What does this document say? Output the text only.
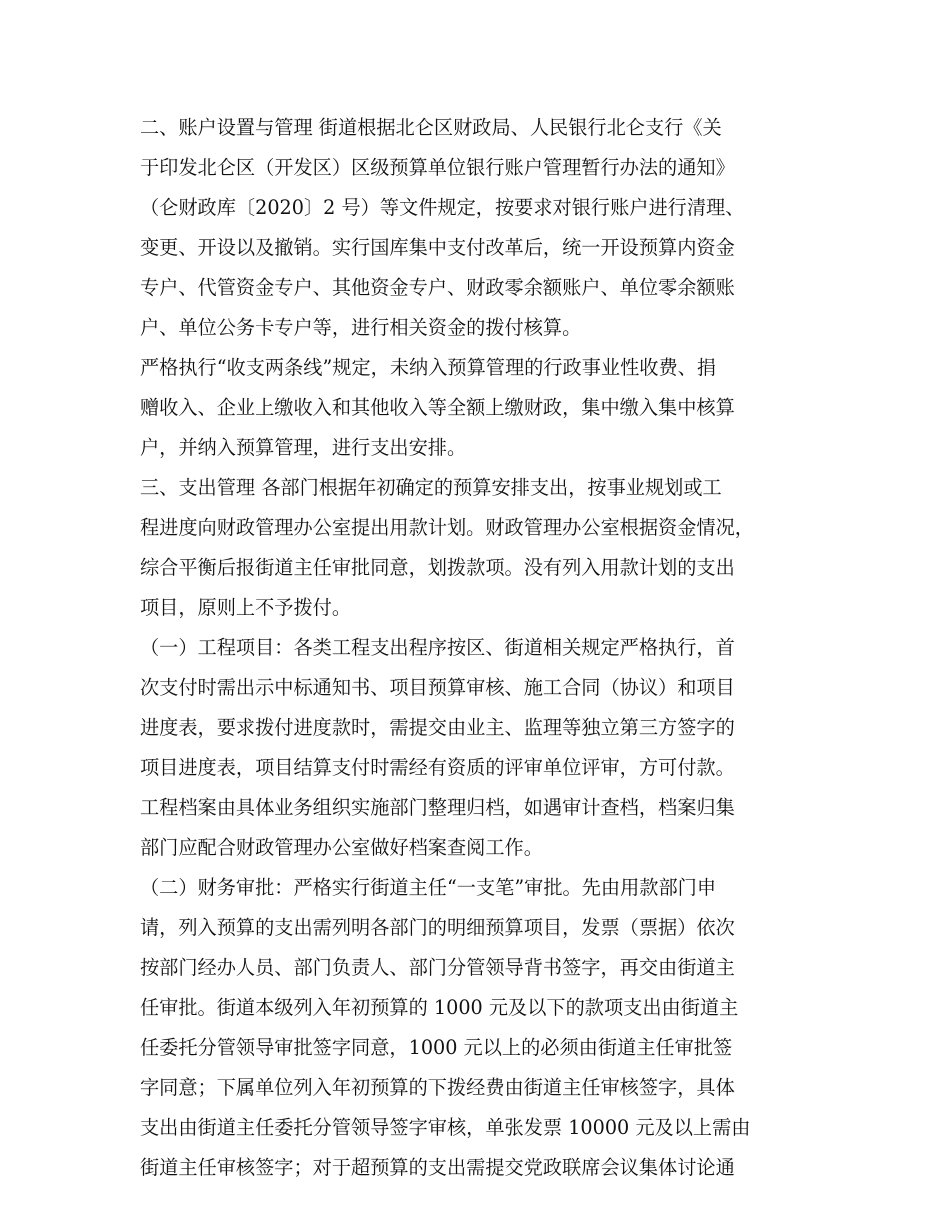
二、账户设置与管理 街道根据北仑区财政局、人民银行北仑支行《关
于印发北仑区（开发区）区级预算单位银行账户管理暂行办法的通知》
（仑财政库〔2020〕2 号）等文件规定，按要求对银行账户进行清理、
变更、开设以及撤销。实行国库集中支付改革后，统一开设预算内资金
专户、代管资金专户、其他资金专户、财政零余额账户、单位零余额账
户、单位公务卡专户等，进行相关资金的拨付核算。
严格执行“收支两条线”规定，未纳入预算管理的行政事业性收费、捐
赠收入、企业上缴收入和其他收入等全额上缴财政，集中缴入集中核算
户，并纳入预算管理，进行支出安排。
三、支出管理 各部门根据年初确定的预算安排支出，按事业规划或工
程进度向财政管理办公室提出用款计划。财政管理办公室根据资金情况，
综合平衡后报街道主任审批同意，划拨款项。没有列入用款计划的支出
项目，原则上不予拨付。
（一）工程项目：各类工程支出程序按区、街道相关规定严格执行，首
次支付时需出示中标通知书、项目预算审核、施工合同（协议）和项目
进度表，要求拨付进度款时，需提交由业主、监理等独立第三方签字的
项目进度表，项目结算支付时需经有资质的评审单位评审，方可付款。
工程档案由具体业务组织实施部门整理归档，如遇审计查档，档案归集
部门应配合财政管理办公室做好档案查阅工作。
（二）财务审批：严格实行街道主任“一支笔”审批。先由用款部门申
请，列入预算的支出需列明各部门的明细预算项目，发票（票据）依次
按部门经办人员、部门负责人、部门分管领导背书签字，再交由街道主
任审批。街道本级列入年初预算的 1000 元及以下的款项支出由街道主
任委托分管领导审批签字同意，1000 元以上的必须由街道主任审批签
字同意；下属单位列入年初预算的下拨经费由街道主任审核签字，具体
支出由街道主任委托分管领导签字审核，单张发票 10000 元及以上需由
街道主任审核签字；对于超预算的支出需提交党政联席会议集体讨论通
